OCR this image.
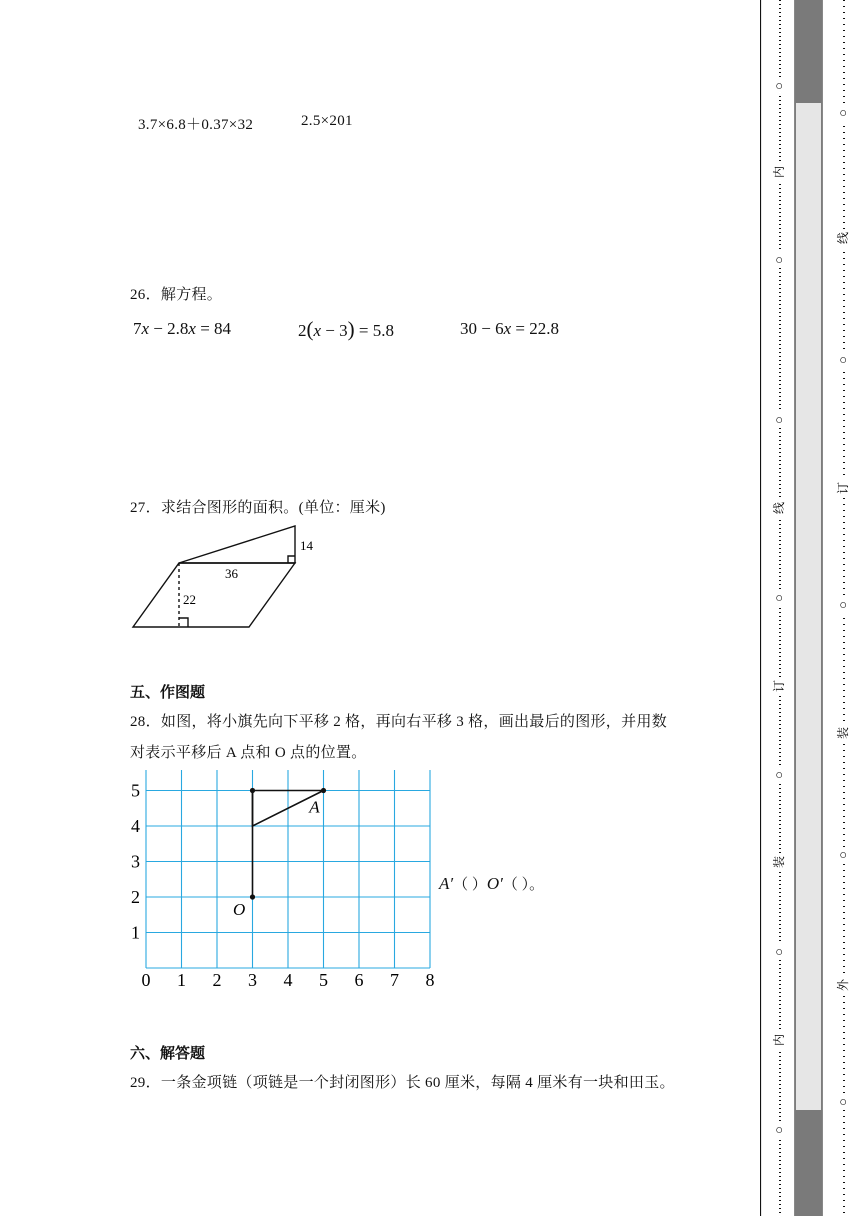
3.7×6.8＋0.37×32	2.5×201
26．解方程。
7x − 2.8x = 84	2(x − 3) = 5.8	30 − 6x = 22.8
27．求结合图形的面积。(单位：厘米)
36
22
14
五、作图题
28．如图，将小旗先向下平移 2 格，再向右平移 3 格，画出最后的图形，并用数
对表示平移后 A 点和 O 点的位置。
0 1 2 3 4 5 6 7 8
1
2
3
4
5
A
O
A′（ ）O′（ ）。
六、解答题
29．一条金项链（项链是一个封闭图形）长 60 厘米，每隔 4 厘米有一块和田玉。
○
○
○
○
○
○
○
内
线
订
装
内
○
○
○
○
○
线
订
装
外
